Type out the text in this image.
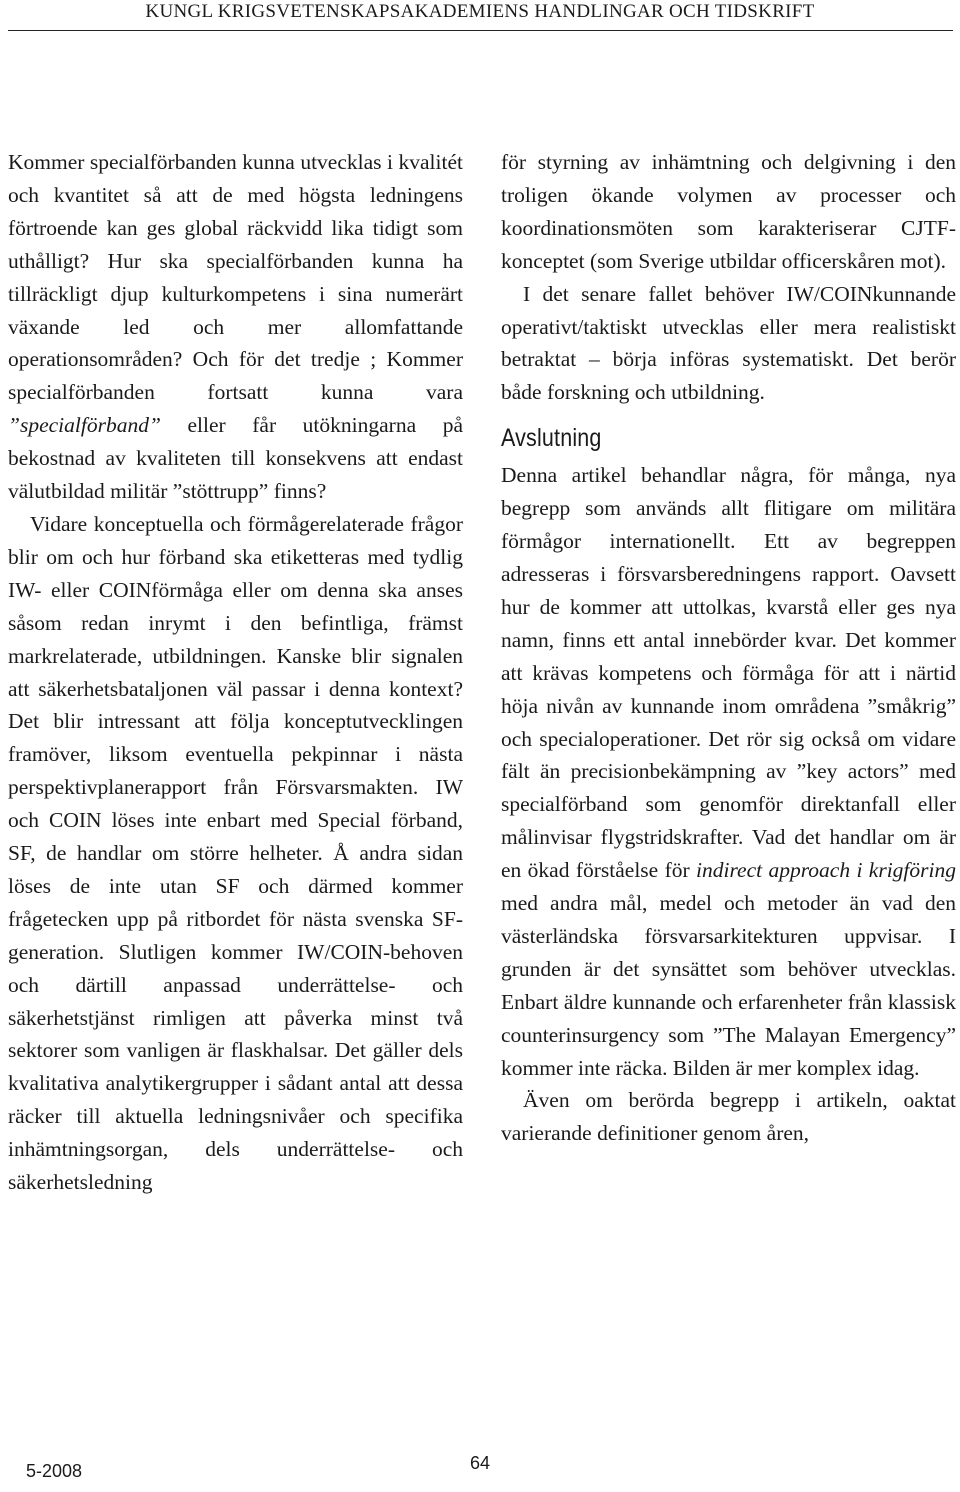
KUNGL KRIGSVETENSKAPSAKADEMIENS HANDLINGAR OCH TIDSKRIFT

Kommer specialförbanden kunna utvecklas i kvalitét och kvantitet så att de med högsta ledningens förtroende kan ges global räckvidd lika tidigt som uthålligt? Hur ska specialförbanden kunna ha tillräckligt djup kulturkompetens i sina numerärt växande led och mer allomfattande operationsområden? Och för det tredje ; Kommer specialförbanden fortsatt kunna vara ”specialförband” eller får utökningarna på bekostnad av kvaliteten till konsekvens att endast välutbildad militär ”stöttrupp” finns?

Vidare konceptuella och förmågerelaterade frågor blir om och hur förband ska etiketteras med tydlig IW- eller COINförmåga eller om denna ska anses såsom redan inrymt i den befintliga, främst markrelaterade, utbildningen. Kanske blir signalen att säkerhetsbataljonen väl passar i denna kontext? Det blir intressant att följa konceptutvecklingen framöver, liksom eventuella pekpinnar i nästa perspektivplanerapport från Försvarsmakten. IW och COIN löses inte enbart med Special förband, SF, de handlar om större helheter. Å andra sidan löses de inte utan SF och därmed kommer frågetecken upp på ritbordet för nästa svenska SF-generation. Slutligen kommer IW/COIN-behoven och därtill anpassad underrättelse- och säkerhetstjänst rimligen att påverka minst två sektorer som vanligen är flaskhalsar. Det gäller dels kvalitativa analytikergrupper i sådant antal att dessa räcker till aktuella ledningsnivåer och specifika inhämtningsorgan, dels underrättelse- och säkerhetsledning

för styrning av inhämtning och delgivning i den troligen ökande volymen av processer och koordinationsmöten som karakteriserar CJTF-konceptet (som Sverige utbildar officerskåren mot).

I det senare fallet behöver IW/COINkunnande operativt/taktiskt utvecklas eller mera realistiskt betraktat – börja införas systematiskt. Det berör både forskning och utbildning.

Avslutning

Denna artikel behandlar några, för många, nya begrepp som används allt flitigare om militära förmågor internationellt. Ett av begreppen adresseras i försvarsberedningens rapport. Oavsett hur de kommer att uttolkas, kvarstå eller ges nya namn, finns ett antal innebörder kvar. Det kommer att krävas kompetens och förmåga för att i närtid höja nivån av kunnande inom områdena ”småkrig” och specialoperationer. Det rör sig också om vidare fält än precisionbekämpning av ”key actors” med specialförband som genomför direktanfall eller målinvisar flygstridskrafter. Vad det handlar om är en ökad förståelse för indirect approach i krigföring med andra mål, medel och metoder än vad den västerländska försvarsarkitekturen uppvisar. I grunden är det synsättet som behöver utvecklas. Enbart äldre kunnande och erfarenheter från klassisk counterinsurgency som ”The Malayan Emergency” kommer inte räcka. Bilden är mer komplex idag.

Även om berörda begrepp i artikeln, oaktat varierande definitioner genom åren,

5-2008	64
